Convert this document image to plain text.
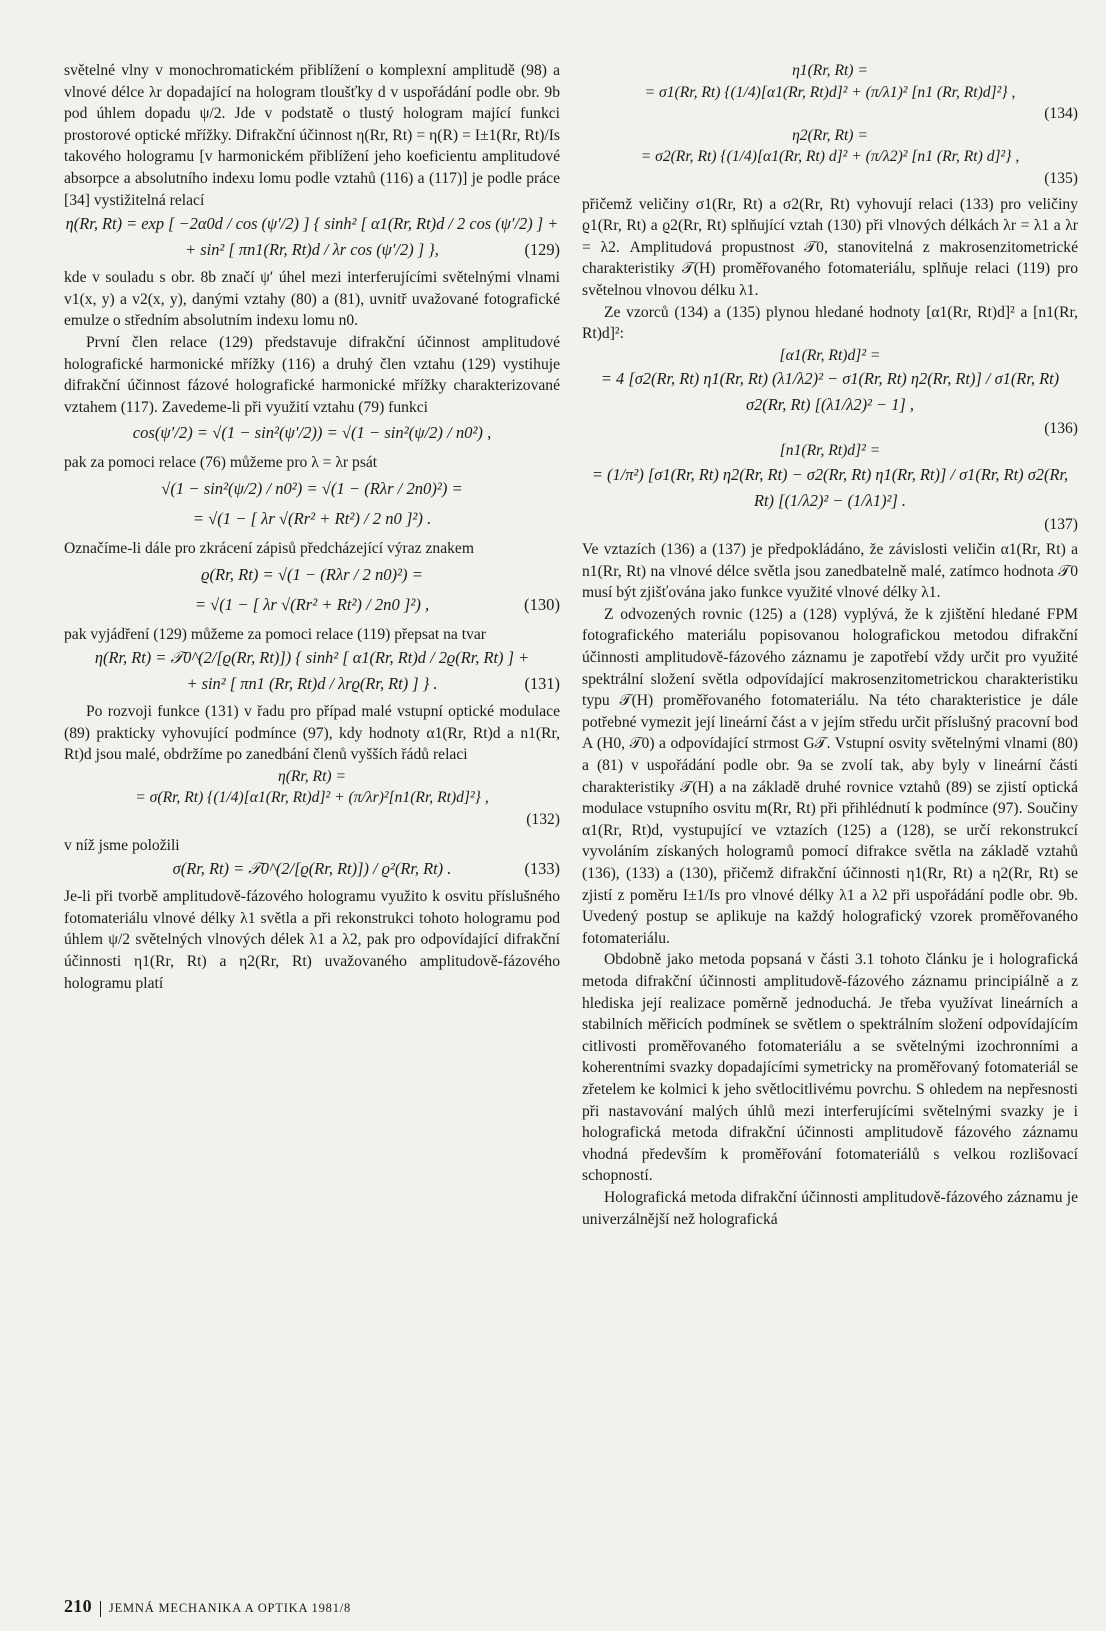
světelné vlny v monochromatickém přiblížení o komplexní amplitudě (98) a vlnové délce λr dopadající na hologram tloušťky d v uspořádání podle obr. 9b pod úhlem dopadu ψ/2. Jde v podstatě o tlustý hologram mající funkci prostorové optické mřížky. Difrakční účinnost η(Rr, Rt) = η(R) = I±1(Rr, Rt)/Is takového hologramu [v harmonickém přiblížení jeho koeficientu amplitudové absorpce a absolutního indexu lomu podle vztahů (116) a (117)] je podle práce [34] vystižitelná relací

η(Rr, Rt) = exp [ −2α0d / cos (ψ′/2) ] { sinh² [ α1(Rr, Rt)d / 2 cos (ψ′/2) ] +
+ sin² [ πn1(Rr, Rt)d / λr cos (ψ′/2) ] },	(129)

kde v souladu s obr. 8b značí ψ′ úhel mezi interferujícími světelnými vlnami v1(x, y) a v2(x, y), danými vztahy (80) a (81), uvnitř uvažované fotografické emulze o středním absolutním indexu lomu n0.

První člen relace (129) představuje difrakční účinnost amplitudové holografické harmonické mřížky (116) a druhý člen vztahu (129) vystihuje difrakční účinnost fázové holografické harmonické mřížky charakterizované vztahem (117). Zavedeme-li při využití vztahu (79) funkci

cos(ψ′/2) = √(1 − sin²(ψ′/2)) = √(1 − sin²(ψ/2) / n0²) ,

pak za pomoci relace (76) můžeme pro λ = λr psát

√(1 − sin²(ψ/2) / n0²) = √(1 − (Rλr / 2n0)²) =
= √(1 − [ λr √(Rr² + Rt²) / 2 n0 ]²) .

Označíme-li dále pro zkrácení zápisů předcházející výraz znakem

ϱ(Rr, Rt) = √(1 − (Rλr / 2 n0)²) =
= √(1 − [ λr √(Rr² + Rt²) / 2n0 ]²) ,	(130)

pak vyjádření (129) můžeme za pomoci relace (119) přepsat na tvar

η(Rr, Rt) = 𝒯0^(2/[ϱ(Rr, Rt)]) { sinh² [ α1(Rr, Rt)d / 2ϱ(Rr, Rt) ] +
+ sin² [ πn1 (Rr, Rt)d / λrϱ(Rr, Rt) ] } .	(131)

Po rozvoji funkce (131) v řadu pro případ malé vstupní optické modulace (89) prakticky vyhovující podmínce (97), kdy hodnoty α1(Rr, Rt)d a n1(Rr, Rt)d jsou malé, obdržíme po zanedbání členů vyšších řádů relaci

η(Rr, Rt) =
= σ(Rr, Rt) {(1/4)[α1(Rr, Rt)d]² + (π/λr)²[n1(Rr, Rt)d]²} ,
(132)

v níž jsme položili

σ(Rr, Rt) = 𝒯0^(2/[ϱ(Rr, Rt)]) / ϱ²(Rr, Rt) .	(133)

Je-li při tvorbě amplitudově-fázového hologramu využito k osvitu příslušného fotomateriálu vlnové délky λ1 světla a při rekonstrukci tohoto hologramu pod úhlem ψ/2 světelných vlnových délek λ1 a λ2, pak pro odpovídající difrakční účinnosti η1(Rr, Rt) a η2(Rr, Rt) uvažovaného amplitudově-fázového hologramu platí

η1(Rr, Rt) =
= σ1(Rr, Rt) {(1/4)[α1(Rr, Rt)d]² + (π/λ1)² [n1 (Rr, Rt)d]²} ,
(134)
η2(Rr, Rt) =
= σ2(Rr, Rt) {(1/4)[α1(Rr, Rt) d]² + (π/λ2)² [n1 (Rr, Rt) d]²} ,
(135)

přičemž veličiny σ1(Rr, Rt) a σ2(Rr, Rt) vyhovují relaci (133) pro veličiny ϱ1(Rr, Rt) a ϱ2(Rr, Rt) splňující vztah (130) při vlnových délkách λr = λ1 a λr = λ2. Amplitudová propustnost 𝒯0, stanovitelná z makrosenzitometrické charakteristiky 𝒯(H) proměřovaného fotomateriálu, splňuje relaci (119) pro světelnou vlnovou délku λ1.

Ze vzorců (134) a (135) plynou hledané hodnoty [α1(Rr, Rt)d]² a [n1(Rr, Rt)d]²:

[α1(Rr, Rt)d]² =
= 4 [σ2(Rr, Rt) η1(Rr, Rt) (λ1/λ2)² − σ1(Rr, Rt) η2(Rr, Rt)] / σ1(Rr, Rt) σ2(Rr, Rt) [(λ1/λ2)² − 1] ,
(136)
[n1(Rr, Rt)d]² =
= (1/π²) [σ1(Rr, Rt) η2(Rr, Rt) − σ2(Rr, Rt) η1(Rr, Rt)] / σ1(Rr, Rt) σ2(Rr, Rt) [(1/λ2)² − (1/λ1)²] .
(137)

Ve vztazích (136) a (137) je předpokládáno, že závislosti veličin α1(Rr, Rt) a n1(Rr, Rt) na vlnové délce světla jsou zanedbatelně malé, zatímco hodnota 𝒯0 musí být zjišťována jako funkce využité vlnové délky λ1.

Z odvozených rovnic (125) a (128) vyplývá, že k zjištění hledané FPM fotografického materiálu popisovanou holografickou metodou difrakční účinnosti amplitudově-fázového záznamu je zapotřebí vždy určit pro využité spektrální složení světla odpovídající makrosenzitometrickou charakteristiku typu 𝒯(H) proměřovaného fotomateriálu. Na této charakteristice je dále potřebné vymezit její lineární část a v jejím středu určit příslušný pracovní bod A (H0, 𝒯0) a odpovídající strmost G𝒯. Vstupní osvity světelnými vlnami (80) a (81) v uspořádání podle obr. 9a se zvolí tak, aby byly v lineární části charakteristiky 𝒯(H) a na základě druhé rovnice vztahů (89) se zjistí optická modulace vstupního osvitu m(Rr, Rt) při přihlédnutí k podmínce (97). Součiny α1(Rr, Rt)d, vystupující ve vztazích (125) a (128), se určí rekonstrukcí vyvoláním získaných hologramů pomocí difrakce světla na základě vztahů (136), (133) a (130), přičemž difrakční účinnosti η1(Rr, Rt) a η2(Rr, Rt) se zjistí z poměru I±1/Is pro vlnové délky λ1 a λ2 při uspořádání podle obr. 9b. Uvedený postup se aplikuje na každý holografický vzorek proměřovaného fotomateriálu.

Obdobně jako metoda popsaná v části 3.1 tohoto článku je i holografická metoda difrakční účinnosti amplitudově-fázového záznamu principiálně a z hlediska její realizace poměrně jednoduchá. Je třeba využívat lineárních a stabilních měřicích podmínek se světlem o spektrálním složení odpovídajícím citlivosti proměřovaného fotomateriálu a se světelnými izochronními a koherentními svazky dopadajícími symetricky na proměřovaný fotomateriál se zřetelem ke kolmici k jeho světlocitlivému povrchu. S ohledem na nepřesnosti při nastavování malých úhlů mezi interferujícími světelnými svazky je i holografická metoda difrakční účinnosti amplitudově fázového záznamu vhodná především k proměřování fotomateriálů s velkou rozlišovací schopností.

Holografická metoda difrakční účinnosti amplitudově-fázového záznamu je univerzálnější než holografická

210 JEMNÁ MECHANIKA A OPTIKA 1981/8
